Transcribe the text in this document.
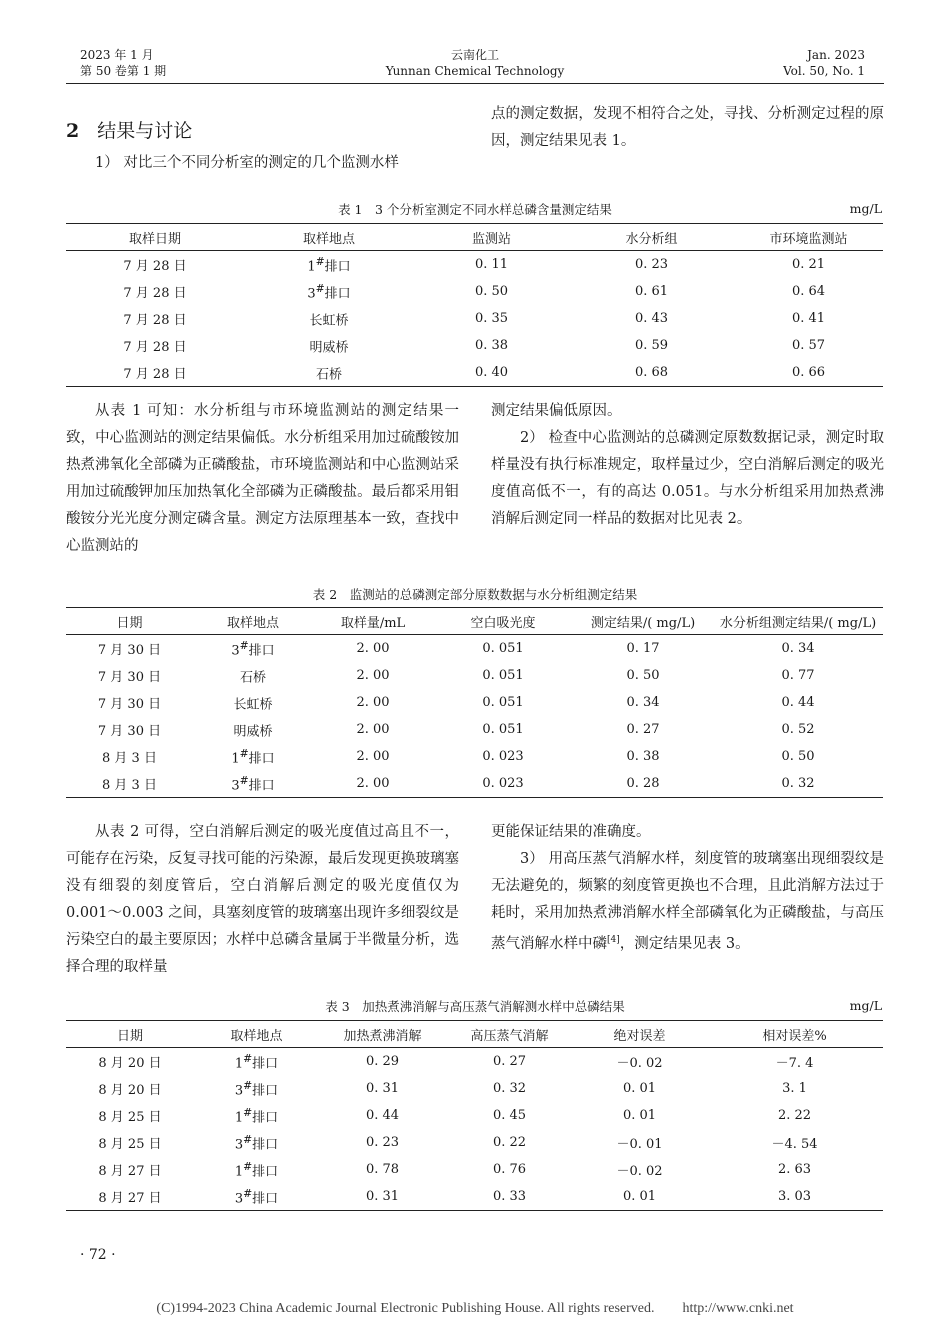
2023 年 1 月
第 50 卷第 1 期
云南化工
Yunnan Chemical Technology
Jan. 2023
Vol. 50, No. 1
2 结果与讨论
1） 对比三个不同分析室的测定的几个监测水样
点的测定数据，发现不相符合之处，寻找、分析测定过程的原因，测定结果见表 1。
表 1　3 个分析室测定不同水样总磷含量测定结果	mg/L
取样日期	取样地点	监测站	水分析组	市环境监测站
7 月 28 日	1#排口	0. 11	0. 23	0. 21
7 月 28 日	3#排口	0. 50	0. 61	0. 64
7 月 28 日	长虹桥	0. 35	0. 43	0. 41
7 月 28 日	明威桥	0. 38	0. 59	0. 57
7 月 28 日	石桥	0. 40	0. 68	0. 66
从表 1 可知：水分析组与市环境监测站的测定结果一致，中心监测站的测定结果偏低。水分析组采用加过硫酸铵加热煮沸氧化全部磷为正磷酸盐，市环境监测站和中心监测站采用加过硫酸钾加压加热氧化全部磷为正磷酸盐。最后都采用钼酸铵分光光度分测定磷含量。测定方法原理基本一致，查找中心监测站的
测定结果偏低原因。
2） 检查中心监测站的总磷测定原数数据记录，测定时取样量没有执行标准规定，取样量过少，空白消解后测定的吸光度值高低不一，有的高达 0.051。与水分析组采用加热煮沸消解后测定同一样品的数据对比见表 2。
表 2　监测站的总磷测定部分原数数据与水分析组测定结果
日期	取样地点	取样量/mL	空白吸光度	测定结果/( mg/L)	水分析组测定结果/( mg/L)
7 月 30 日	3#排口	2. 00	0. 051	0. 17	0. 34
7 月 30 日	石桥	2. 00	0. 051	0. 50	0. 77
7 月 30 日	长虹桥	2. 00	0. 051	0. 34	0. 44
7 月 30 日	明威桥	2. 00	0. 051	0. 27	0. 52
8 月 3 日	1#排口	2. 00	0. 023	0. 38	0. 50
8 月 3 日	3#排口	2. 00	0. 023	0. 28	0. 32
从表 2 可得，空白消解后测定的吸光度值过高且不一，可能存在污染，反复寻找可能的污染源，最后发现更换玻璃塞没有细裂的刻度管后，空白消解后测定的吸光度值仅为 0.001～0.003 之间，具塞刻度管的玻璃塞出现许多细裂纹是污染空白的最主要原因；水样中总磷含量属于半微量分析，选择合理的取样量
更能保证结果的准确度。
3） 用高压蒸气消解水样，刻度管的玻璃塞出现细裂纹是无法避免的，频繁的刻度管更换也不合理，且此消解方法过于耗时，采用加热煮沸消解水样全部磷氧化为正磷酸盐，与高压蒸气消解水样中磷[4]，测定结果见表 3。
表 3　加热煮沸消解与高压蒸气消解测水样中总磷结果	mg/L
日期	取样地点	加热煮沸消解	高压蒸气消解	绝对误差	相对误差%
8 月 20 日	1#排口	0. 29	0. 27	－0. 02	－7. 4
8 月 20 日	3#排口	0. 31	0. 32	0. 01	3. 1
8 月 25 日	1#排口	0. 44	0. 45	0. 01	2. 22
8 月 25 日	3#排口	0. 23	0. 22	－0. 01	－4. 54
8 月 27 日	1#排口	0. 78	0. 76	－0. 02	2. 63
8 月 27 日	3#排口	0. 31	0. 33	0. 01	3. 03
· 72 ·
(C)1994-2023 China Academic Journal Electronic Publishing House. All rights reserved.　　http://www.cnki.net
